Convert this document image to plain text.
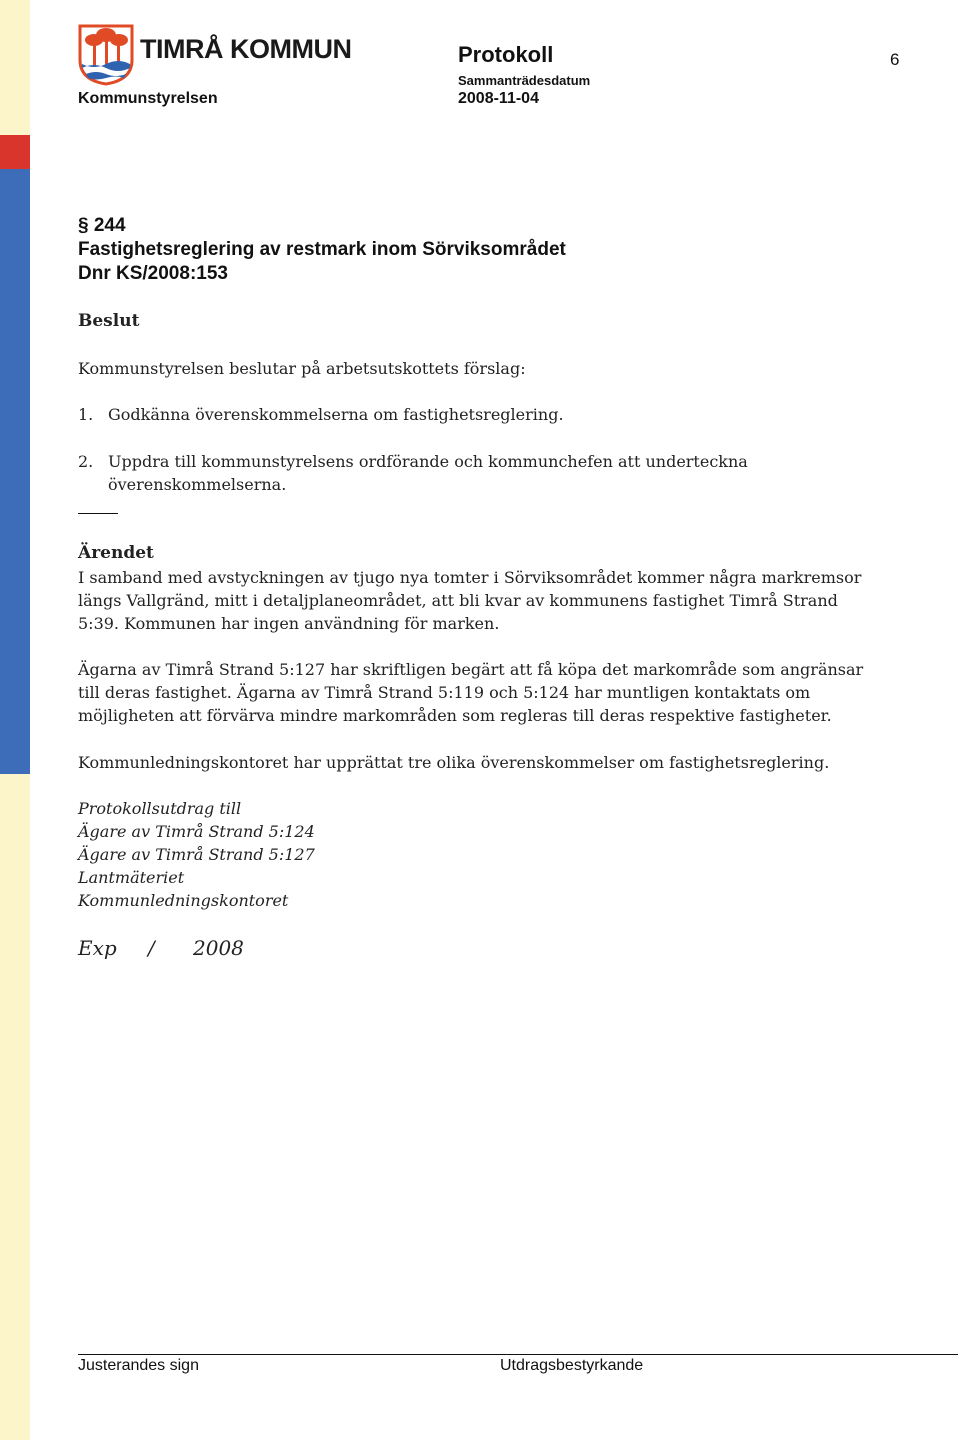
TIMRÅ KOMMUN	Protokoll	6
Sammanträdesdatum
Kommunstyrelsen	2008-11-04
§ 244
Fastighetsreglering av restmark inom Sörviksområdet
Dnr KS/2008:153
Beslut
Kommunstyrelsen beslutar på arbetsutskottets förslag:
1. Godkänna överenskommelserna om fastighetsreglering.
2. Uppdra till kommunstyrelsens ordförande och kommunchefen att underteckna överenskommelserna.
Ärendet
I samband med avstyckningen av tjugo nya tomter i Sörviksområdet kommer några markremsor längs Vallgränd, mitt i detaljplaneområdet, att bli kvar av kommunens fastighet Timrå Strand 5:39. Kommunen har ingen användning för marken.
Ägarna av Timrå Strand 5:127 har skriftligen begärt att få köpa det markområde som angränsar till deras fastighet. Ägarna av Timrå Strand 5:119 och 5:124 har muntligen kontaktats om möjligheten att förvärva mindre markområden som regleras till deras respektive fastigheter.
Kommunledningskontoret har upprättat tre olika överenskommelser om fastighetsreglering.
Protokollsutdrag till
Ägare av Timrå Strand 5:124
Ägare av Timrå Strand 5:127
Lantmäteriet
Kommunledningskontoret
Exp / 2008
Justerandes sign	Utdragsbestyrkande
